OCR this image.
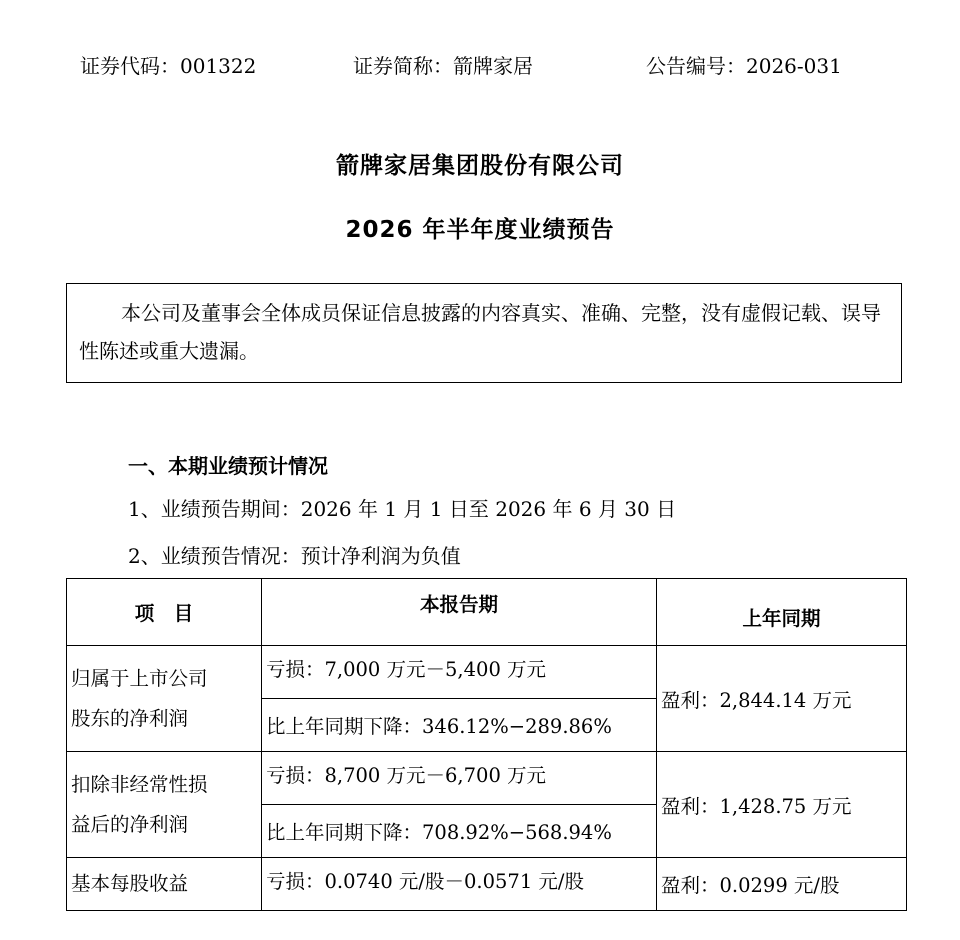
证券代码：001322	证券简称：箭牌家居	公告编号：2026-031
箭牌家居集团股份有限公司
2026 年半年度业绩预告

本公司及董事会全体成员保证信息披露的内容真实、准确、完整，没有虚假记载、误导性陈述或重大遗漏。

一、本期业绩预计情况
1、业绩预告期间：2026 年 1 月 1 日至 2026 年 6 月 30 日
2、业绩预告情况：预计净利润为负值
项　目	本报告期	上年同期
归属于上市公司
股东的净利润	亏损：7,000 万元－5,400 万元	盈利：2,844.14 万元
	比上年同期下降：346.12%−289.86%	
扣除非经常性损
益后的净利润	亏损：8,700 万元－6,700 万元	盈利：1,428.75 万元
	比上年同期下降：708.92%−568.94%	
基本每股收益	亏损：0.0740 元/股－0.0571 元/股	盈利：0.0299 元/股
